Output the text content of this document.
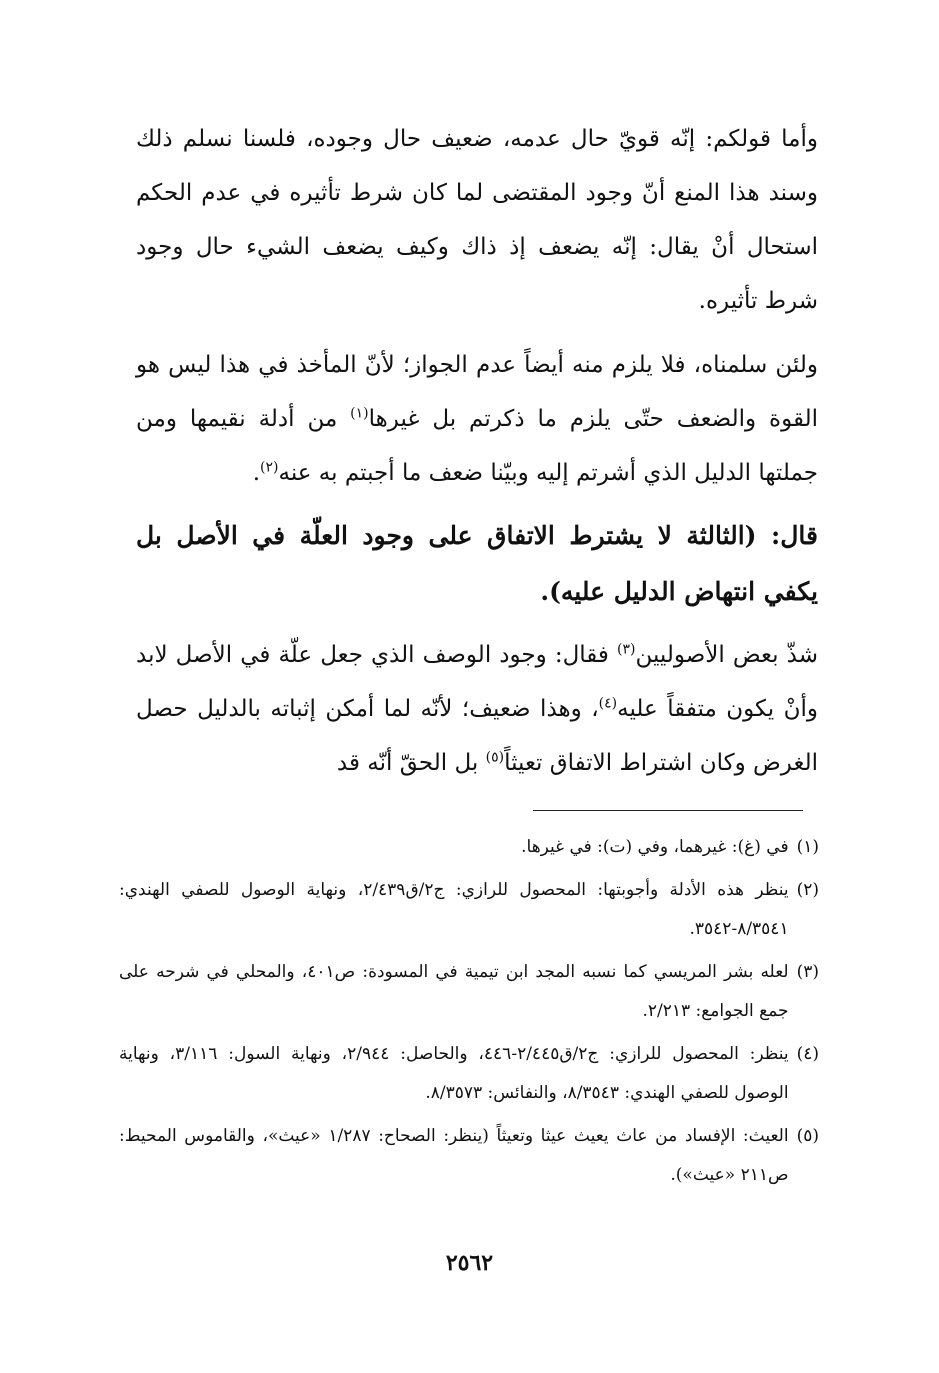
وأما قولكم: إنّه قويّ حال عدمه، ضعيف حال وجوده، فلسنا نسلم ذلك وسند هذا المنع أنّ وجود المقتضى لما كان شرط تأثيره في عدم الحكم استحال أنْ يقال: إنّه يضعف إذ ذاك وكيف يضعف الشيء حال وجود شرط تأثيره.

ولئن سلمناه، فلا يلزم منه أيضاً عدم الجواز؛ لأنّ المأخذ في هذا ليس هو القوة والضعف حتّى يلزم ما ذكرتم بل غيرها$^{(١)}$ من أدلة نقيمها ومن جملتها الدليل الذي أشرتم إليه وبيّنا ضعف ما أجبتم به عنه$^{(٢)}$.

قال: (الثالثة لا يشترط الاتفاق على وجود العلّة في الأصل بل يكفي انتهاض الدليل عليه).

شذّ بعض الأصوليين$^{(٣)}$ فقال: وجود الوصف الذي جعل علّة في الأصل لابد وأنْ يكون متفقاً عليه$^{(٤)}$، وهذا ضعيف؛ لأنّه لما أمكن إثباته بالدليل حصل الغرض وكان اشتراط الاتفاق تعيثاً$^{(٥)}$ بل الحقّ أنّه قد

(١)
في (غ): غيرهما، وفي (ت): في غيرها.
(٢)
ينظر هذه الأدلة وأجوبتها: المحصول للرازي: ج٢/ق٢/٤٣٩، ونهاية الوصول للصفي الهندي: ٨/٣٥٤١-٣٥٤٢.
(٣)
لعله بشر المريسي كما نسبه المجد ابن تيمية في المسودة: ص٤٠١، والمحلي في شرحه على جمع الجوامع: ٢/٢١٣.
(٤)
ينظر: المحصول للرازي: ج٢/ق٢/٤٤٥-٤٤٦، والحاصل: ٢/٩٤٤، ونهاية السول: ٣/١١٦، ونهاية الوصول للصفي الهندي: ٨/٣٥٤٣، والنفائس: ٨/٣٥٧٣.
(٥)
العيث: الإفساد من عاث يعيث عيثا وتعيثاً (ينظر: الصحاح: ١/٢٨٧ «عيث»، والقاموس المحيط: ص٢١١ «عيث»).
٢٥٦٢
